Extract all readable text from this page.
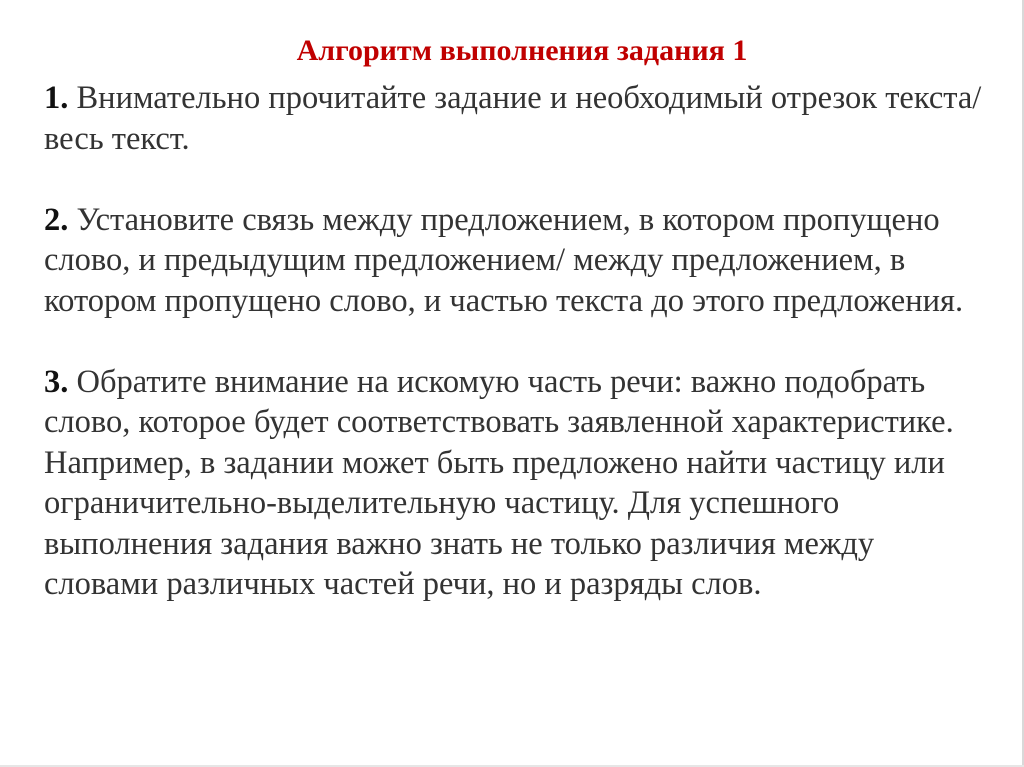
Алгоритм выполнения задания 1

1. Внимательно прочитайте задание и необходимый отрезок текста/весь текст.

2. Установите связь между предложением, в котором пропущено слово, и предыдущим предложением/ между предложением, в котором пропущено слово, и частью текста до этого предложения.

3. Обратите внимание на искомую часть речи: важно подобрать слово, которое будет соответствовать заявленной характеристике. Например, в задании может быть предложено найти частицу или ограничительно-выделительную частицу. Для успешного выполнения задания важно знать не только различия между словами различных частей речи, но и разряды слов.
